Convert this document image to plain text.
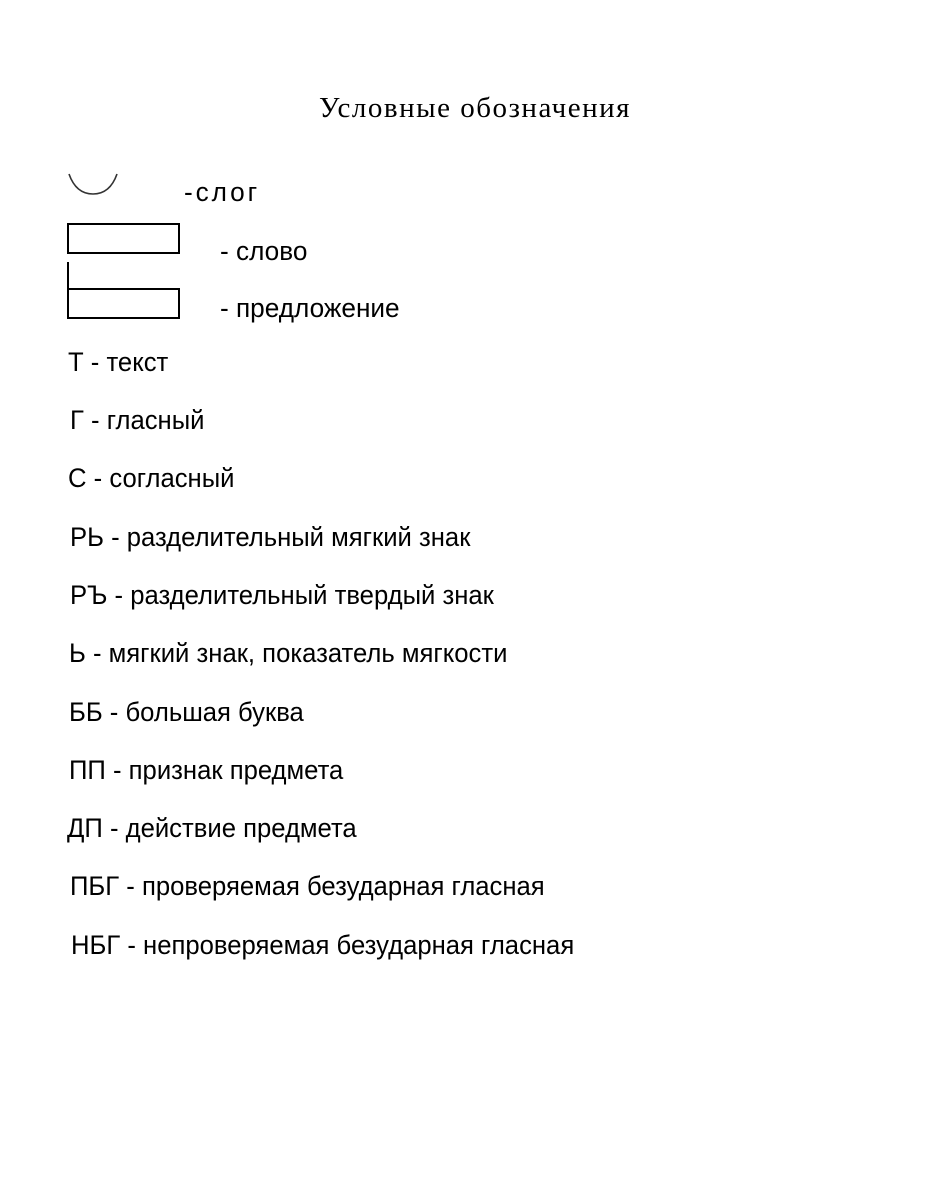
Условные обозначения
-слог
- слово
- предложение
Т - текст
Г - гласный
С - согласный
РЬ - разделительный мягкий знак
РЪ - разделительный твердый знак
Ь - мягкий знак, показатель мягкости
ББ - большая буква
ПП - признак предмета
ДП - действие предмета
ПБГ - проверяемая безударная гласная
НБГ - непроверяемая безударная гласная
